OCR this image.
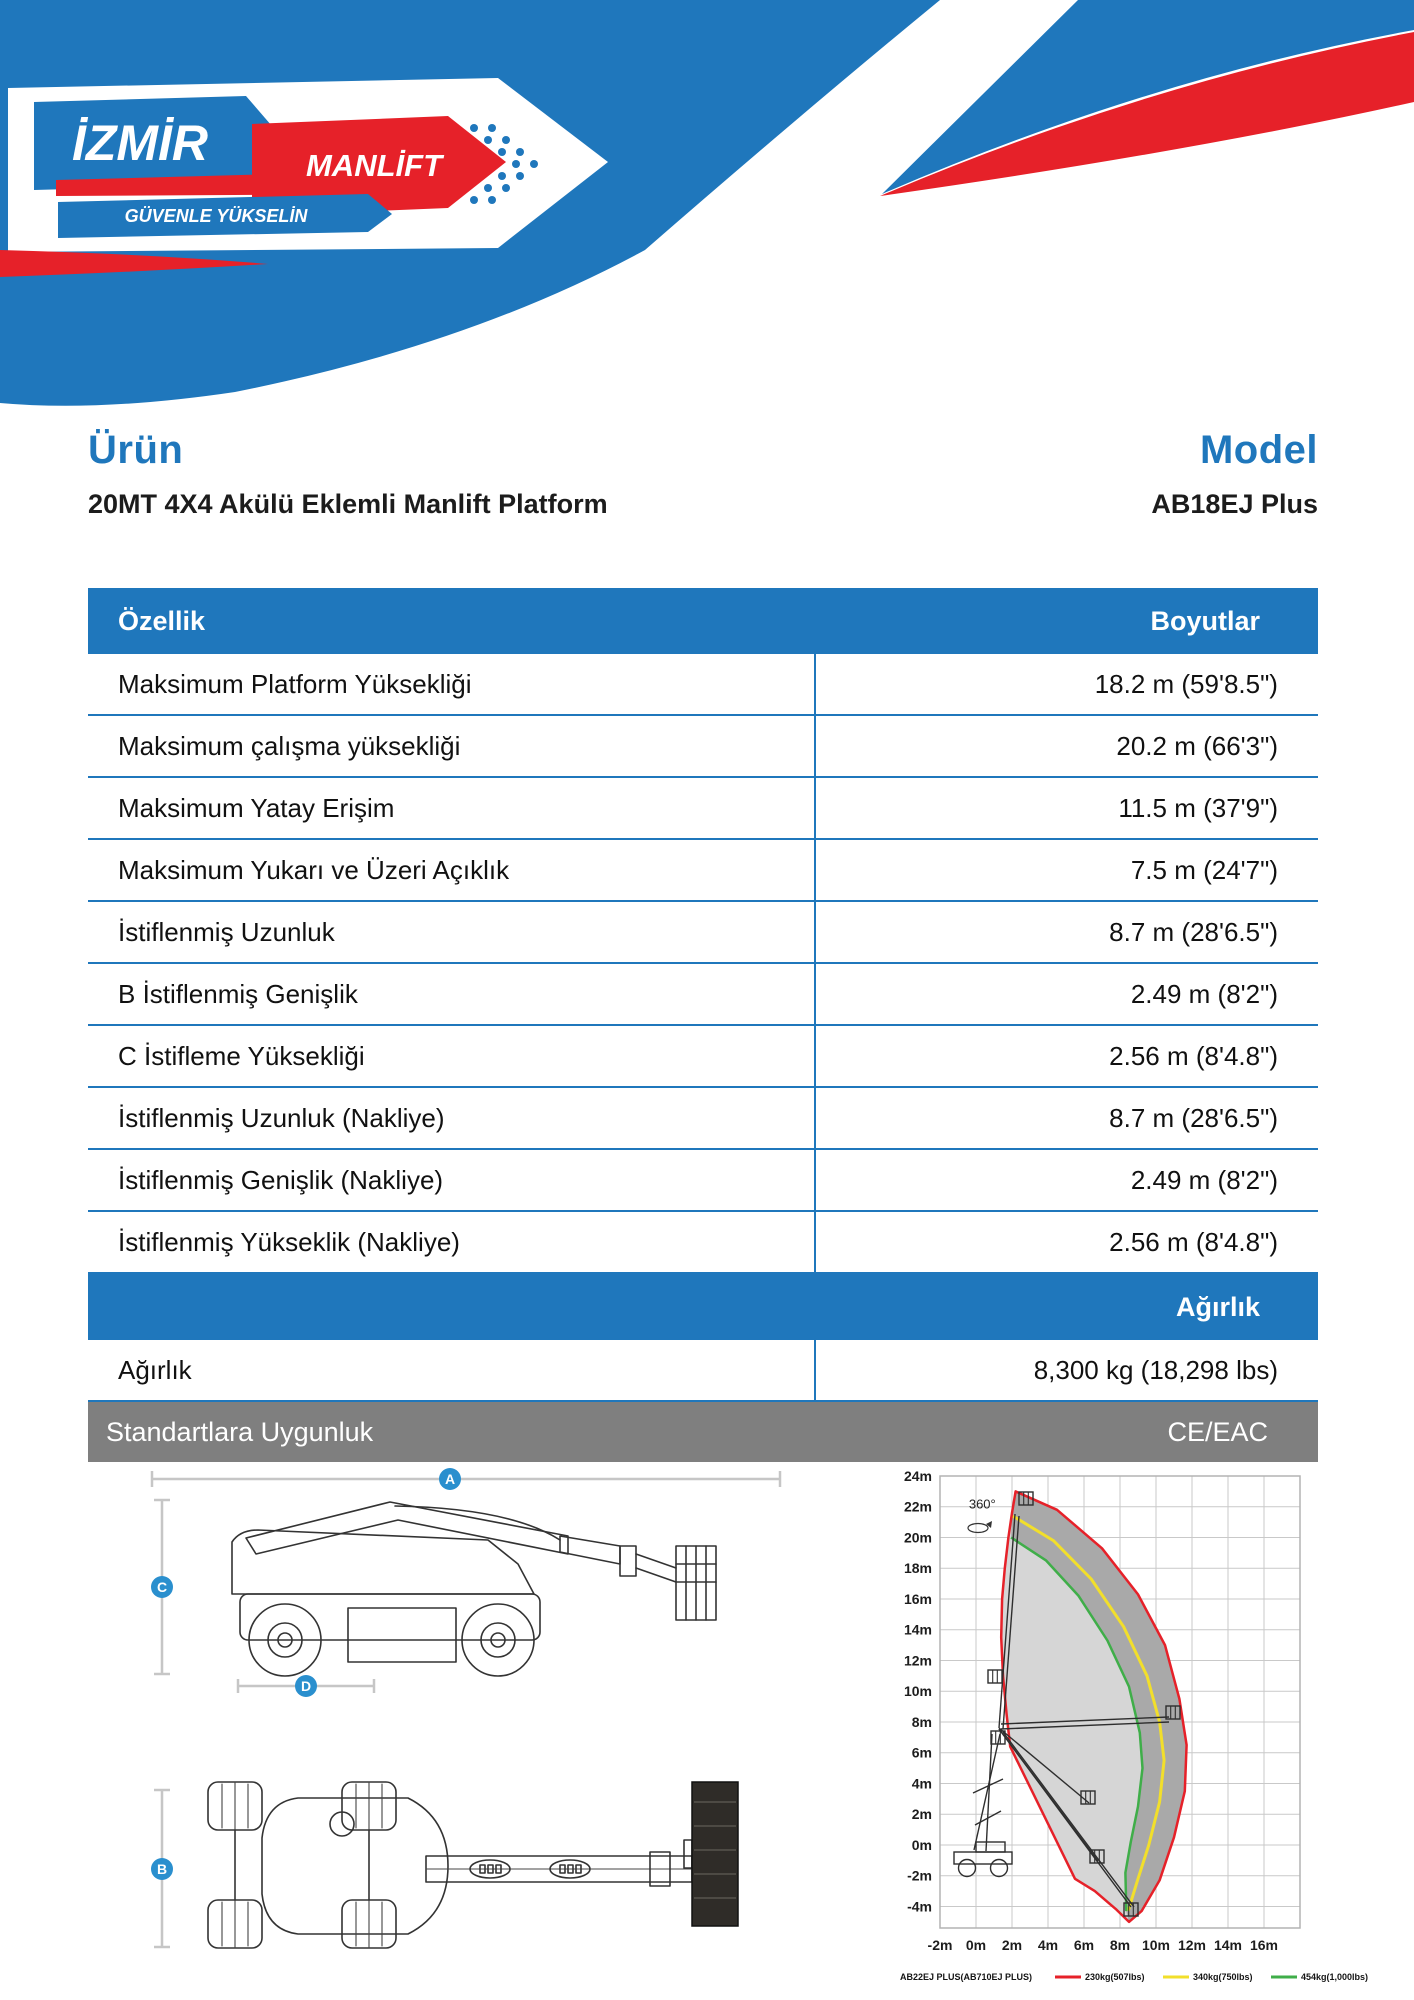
İZMİR	MANLİFT
GÜVENLE YÜKSELİN
Ürün
20MT 4X4 Akülü Eklemli Manlift Platform
Model
AB18EJ Plus
Özellik	Boyutlar
Maksimum Platform Yüksekliği	18.2 m (59'8.5")
Maksimum çalışma yüksekliği	20.2 m (66'3")
Maksimum Yatay Erişim	11.5 m (37'9")
Maksimum Yukarı ve Üzeri Açıklık	7.5 m (24'7")
İstiflenmiş Uzunluk	8.7 m (28'6.5")
B İstiflenmiş Genişlik	2.49 m (8'2")
C İstifleme Yüksekliği	2.56 m (8'4.8")
İstiflenmiş Uzunluk (Nakliye)	8.7 m (28'6.5")
İstiflenmiş Genişlik (Nakliye)	2.49 m (8'2")
İstiflenmiş Yükseklik (Nakliye)	2.56 m (8'4.8")
Ağırlık
Ağırlık	8,300 kg (18,298 lbs)
Standartlara Uygunluk	CE/EAC
A
C
D
B
-2m 0m 2m 4m 6m 8m 10m 12m 14m 16m
24m
22m
20m
18m
16m
14m
12m
10m
8m
6m
4m
2m
0m
-2m
-4m
360°
AB22EJ PLUS(AB710EJ PLUS)	230kg(507lbs)	340kg(750lbs)	454kg(1,000lbs)
